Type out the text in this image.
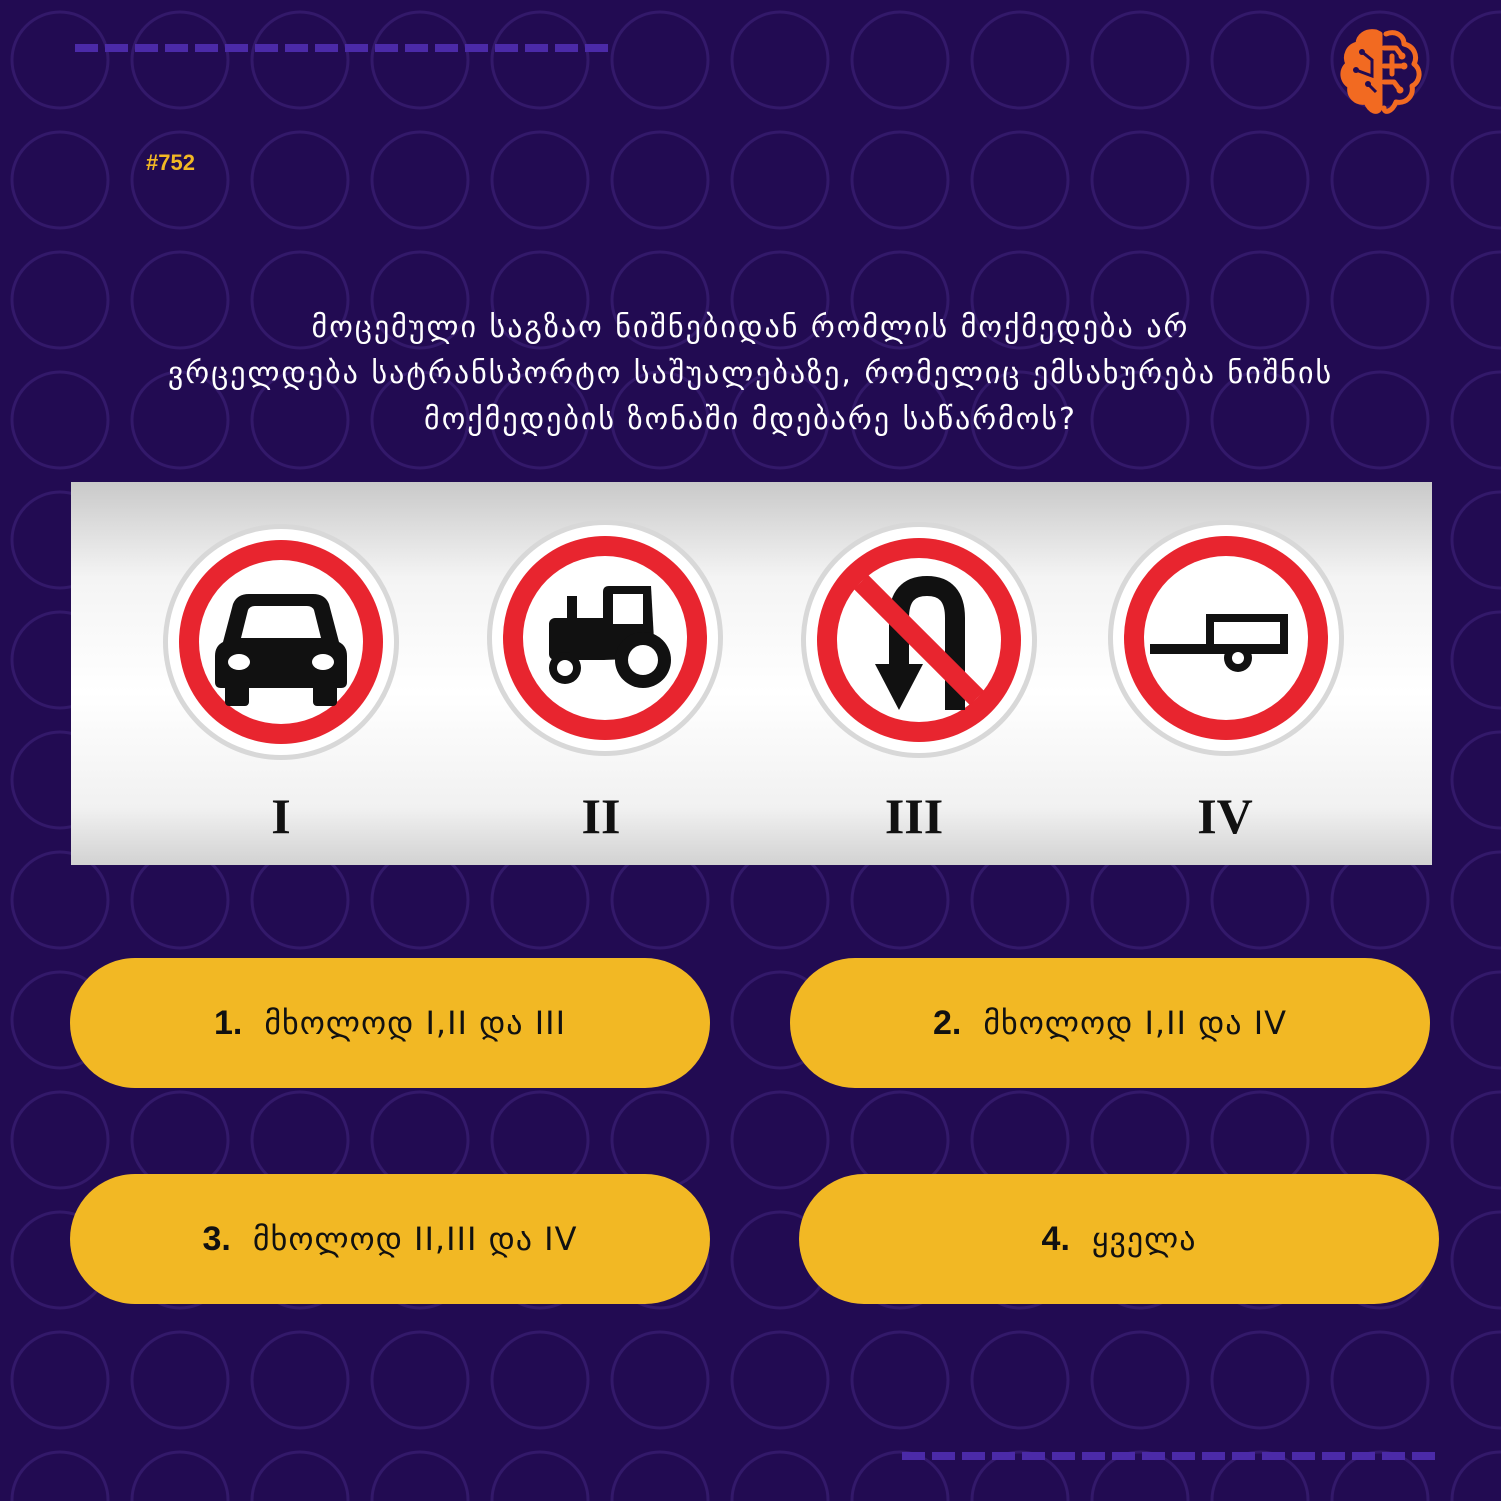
#752
მოცემული საგზაო ნიშნებიდან რომლის მოქმედება არ
ვრცელდება სატრანსპორტო საშუალებაზე, რომელიც ემსახურება ნიშნის
მოქმედების ზონაში მდებარე საწარმოს?
I	II	III	IV
1. მხოლოდ I,II და III	2. მხოლოდ I,II და IV
3. მხოლოდ II,III და IV	4. ყველა
